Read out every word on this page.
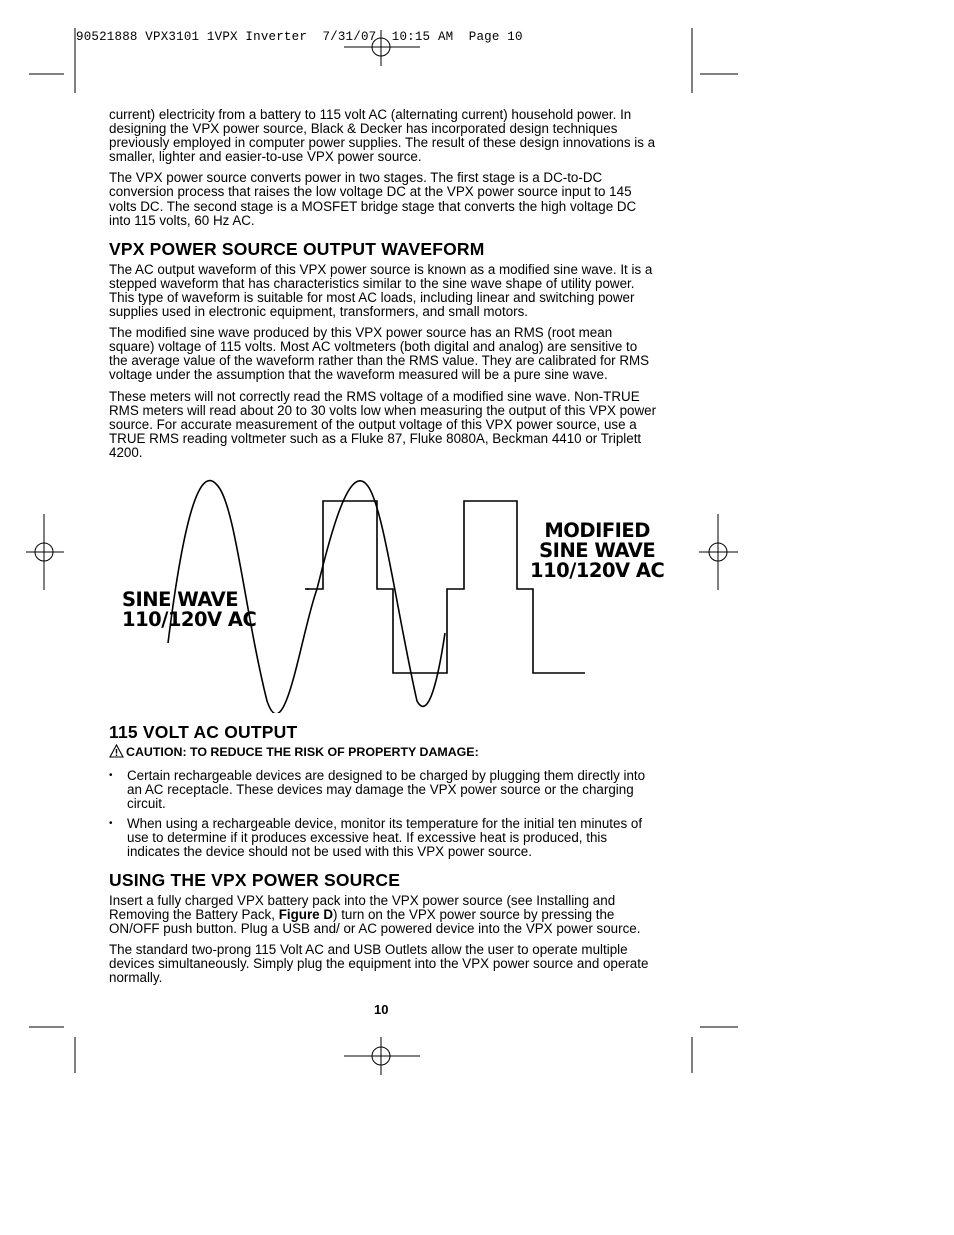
90521888 VPX3101 1VPX Inverter  7/31/07  10:15 AM  Page 10

current) electricity from a battery to 115 volt AC (alternating current) household power. In designing the VPX power source, Black & Decker has incorporated design techniques previously employed in computer power supplies. The result of these design innovations is a smaller, lighter and easier-to-use VPX power source.

The VPX power source converts power in two stages. The first stage is a DC-to-DC conversion process that raises the low voltage DC at the VPX power source input to 145 volts DC. The second stage is a MOSFET bridge stage that converts the high voltage DC into 115 volts, 60 Hz AC.

VPX POWER SOURCE OUTPUT WAVEFORM

The AC output waveform of this VPX power source is known as a modified sine wave. It is a stepped waveform that has characteristics similar to the sine wave shape of utility power. This type of waveform is suitable for most AC loads, including linear and switching power supplies used in electronic equipment, transformers, and small motors.

The modified sine wave produced by this VPX power source has an RMS (root mean square) voltage of 115 volts. Most AC voltmeters (both digital and analog) are sensitive to the average value of the waveform rather than the RMS value. They are calibrated for RMS voltage under the assumption that the waveform measured will be a pure sine wave.

These meters will not correctly read the RMS voltage of a modified sine wave. Non-TRUE RMS meters will read about 20 to 30 volts low when measuring the output of this VPX power source. For accurate measurement of the output voltage of this VPX power source, use a TRUE RMS reading voltmeter such as a Fluke 87, Fluke 8080A, Beckman 4410 or Triplett 4200.

SINE WAVE
110/120V AC
MODIFIED
SINE WAVE
110/120V AC
115 VOLT AC OUTPUT
CAUTION: TO REDUCE THE RISK OF PROPERTY DAMAGE:
• Certain rechargeable devices are designed to be charged by plugging them directly into an AC receptacle. These devices may damage the VPX power source or the charging circuit.
• When using a rechargeable device, monitor its temperature for the initial ten minutes of use to determine if it produces excessive heat. If excessive heat is produced, this indicates the device should not be used with this VPX power source.
USING THE VPX POWER SOURCE

Insert a fully charged VPX battery pack into the VPX power source (see Installing and Removing the Battery Pack, Figure D) turn on the VPX power source by pressing the ON/OFF push button. Plug a USB and/ or AC powered device into the VPX power source.

The standard two-prong 115 Volt AC and USB Outlets allow the user to operate multiple devices simultaneously. Simply plug the equipment into the VPX power source and operate normally.

10
